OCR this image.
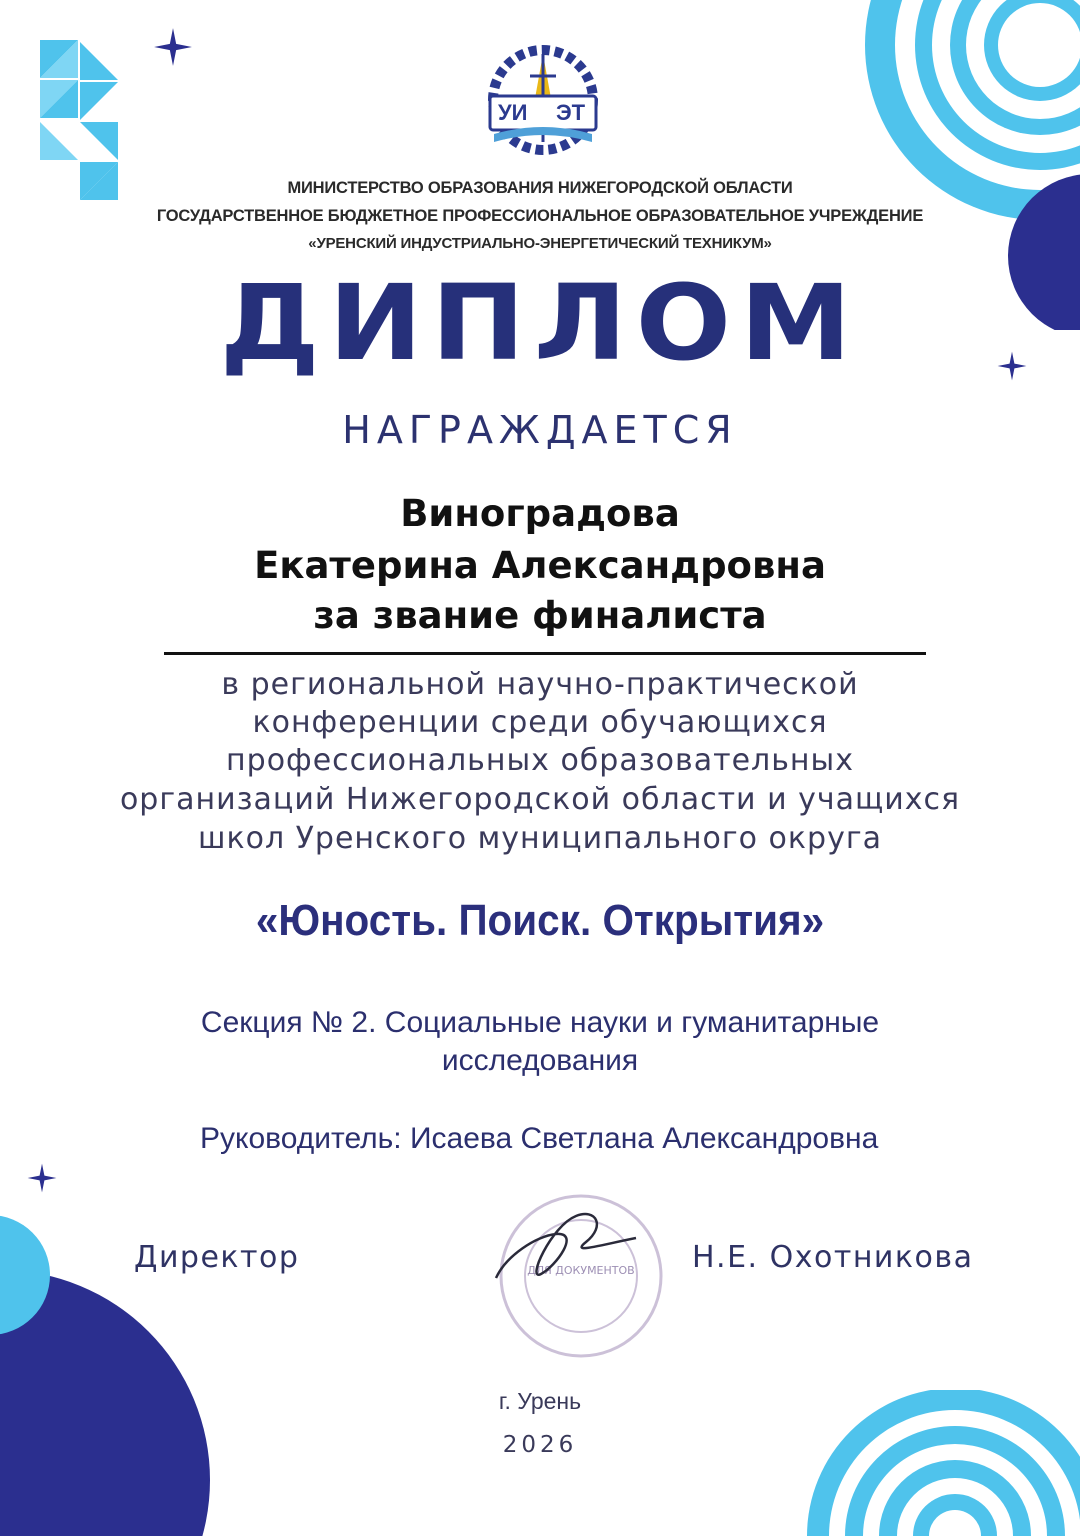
УИ ЭТ
МИНИСТЕРСТВО ОБРАЗОВАНИЯ НИЖЕГОРОДСКОЙ ОБЛАСТИ
ГОСУДАРСТВЕННОЕ БЮДЖЕТНОЕ ПРОФЕССИОНАЛЬНОЕ ОБРАЗОВАТЕЛЬНОЕ УЧРЕЖДЕНИЕ
«УРЕНСКИЙ ИНДУСТРИАЛЬНО-ЭНЕРГЕТИЧЕСКИЙ ТЕХНИКУМ»
ДИПЛОМ
НАГРАЖДАЕТСЯ
Виноградова
Екатерина Александровна
за звание финалиста
в региональной научно-практической
конференции среди обучающихся
профессиональных образовательных
организаций Нижегородской области и учащихся
школ Уренского муниципального округа
«Юность. Поиск. Открытия»
Секция № 2. Социальные науки и гуманитарные
исследования
Руководитель: Исаева Светлана Александровна
Директор	Н.Е. Охотникова
ДЛЯ ДОКУМЕНТОВ
г. Урень
2026
